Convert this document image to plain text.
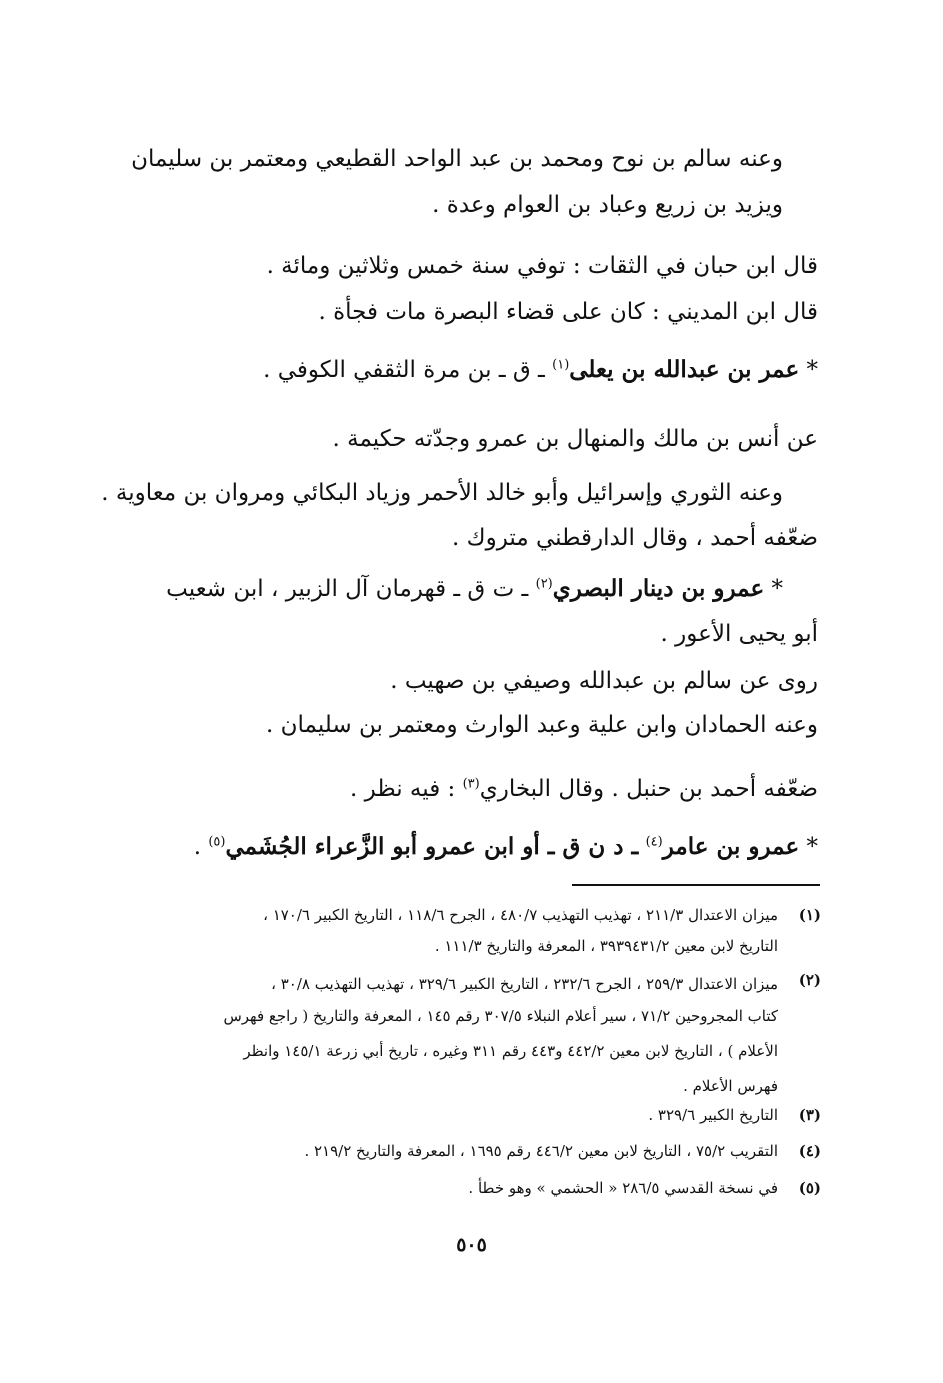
وعنه سالم بن نوح ومحمد بن عبد الواحد القطيعي ومعتمر بن سليمان
ويزيد بن زريع وعباد بن العوام وعدة .
قال ابن حبان في الثقات : توفي سنة خمس وثلاثين ومائة .
قال ابن المديني : كان على قضاء البصرة مات فجأة .
* عمر بن عبدالله بن يعلى$^{(١)}$ ـ ق ـ بن مرة الثقفي الكوفي .
عن أنس بن مالك والمنهال بن عمرو وجدّته حكيمة .
وعنه الثوري وإسرائيل وأبو خالد الأحمر وزياد البكائي ومروان بن معاوية .
ضعّفه أحمد ، وقال الدارقطني متروك .
* عمرو بن دينار البصري$^{(٢)}$ ـ ت ق ـ قهرمان آل الزبير ، ابن شعيب
أبو يحيى الأعور .
روى عن سالم بن عبدالله وصيفي بن صهيب .
وعنه الحمادان وابن علية وعبد الوارث ومعتمر بن سليمان .
ضعّفه أحمد بن حنبل . وقال البخاري$^{(٣)}$ : فيه نظر .
* عمرو بن عامر$^{(٤)}$ ـ د ن ق ـ أو ابن عمرو أبو الزَّعراء الجُشَمي$^{(٥)}$ .
(١)
ميزان الاعتدال ٢١١/٣ ، تهذيب التهذيب ٤٨٠/٧ ، الجرح ١١٨/٦ ، التاريخ الكبير ١٧٠/٦ ،
التاريخ لابن معين ٣٩٣٩٤٣١/٢ ، المعرفة والتاريخ ١١١/٣ .
(٢)
ميزان الاعتدال ٢٥٩/٣ ، الجرح ٢٣٢/٦ ، التاريخ الكبير ٣٢٩/٦ ، تهذيب التهذيب ٣٠/٨ ،
كتاب المجروحين ٧١/٢ ، سير أعلام النبلاء ٣٠٧/٥ رقم ١٤٥ ، المعرفة والتاريخ ( راجع فهرس
الأعلام ) ، التاريخ لابن معين ٤٤٢/٢ و٤٤٣ رقم ٣١١ وغيره ، تاريخ أبي زرعة ١٤٥/١ وانظر
فهرس الأعلام .
(٣)
التاريخ الكبير ٣٢٩/٦ .
(٤)
التقريب ٧٥/٢ ، التاريخ لابن معين ٤٤٦/٢ رقم ١٦٩٥ ، المعرفة والتاريخ ٢١٩/٢ .
(٥)
في نسخة القدسي ٢٨٦/٥ « الحشمي » وهو خطأ .
٥٠٥
